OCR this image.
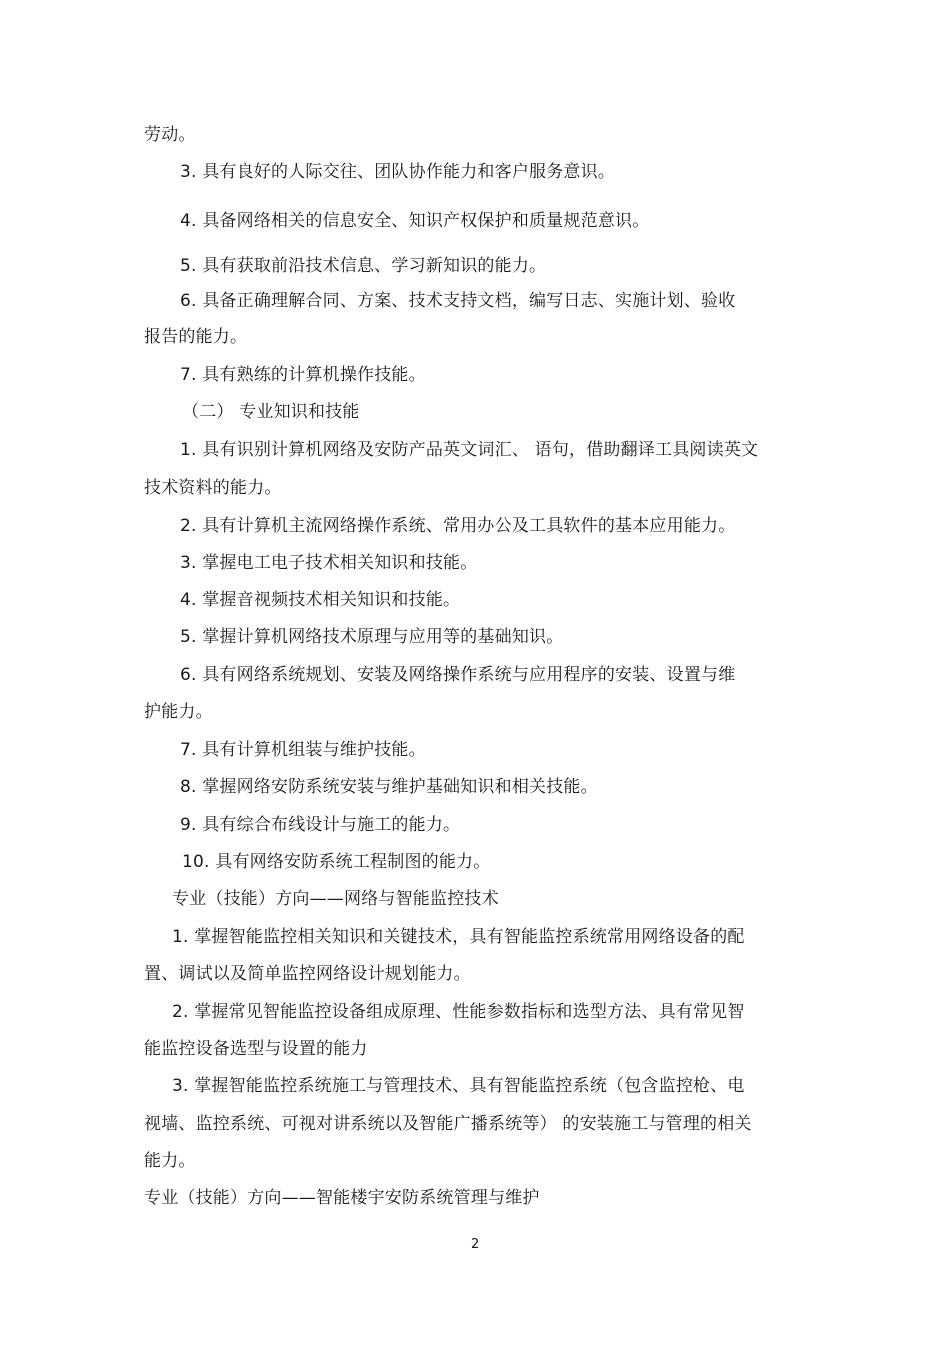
劳动。
3. 具有良好的人际交往、团队协作能力和客户服务意识。
4. 具备网络相关的信息安全、知识产权保护和质量规范意识。
5. 具有获取前沿技术信息、学习新知识的能力。
6. 具备正确理解合同、方案、技术支持文档，编写日志、实施计划、验收
报告的能力。
7. 具有熟练的计算机操作技能。
（二） 专业知识和技能
1. 具有识别计算机网络及安防产品英文词汇、 语句，借助翻译工具阅读英文
技术资料的能力。
2. 具有计算机主流网络操作系统、常用办公及工具软件的基本应用能力。
3. 掌握电工电子技术相关知识和技能。
4. 掌握音视频技术相关知识和技能。
5. 掌握计算机网络技术原理与应用等的基础知识。
6. 具有网络系统规划、安装及网络操作系统与应用程序的安装、设置与维
护能力。
7. 具有计算机组装与维护技能。
8. 掌握网络安防系统安装与维护基础知识和相关技能。
9. 具有综合布线设计与施工的能力。
10. 具有网络安防系统工程制图的能力。
专业（技能）方向——网络与智能监控技术
1. 掌握智能监控相关知识和关键技术，具有智能监控系统常用网络设备的配
置、调试以及简单监控网络设计规划能力。
2. 掌握常见智能监控设备组成原理、性能参数指标和选型方法、具有常见智
能监控设备选型与设置的能力
3. 掌握智能监控系统施工与管理技术、具有智能监控系统（包含监控枪、电
视墙、监控系统、可视对讲系统以及智能广播系统等） 的安装施工与管理的相关
能力。
专业（技能）方向——智能楼宇安防系统管理与维护
2
